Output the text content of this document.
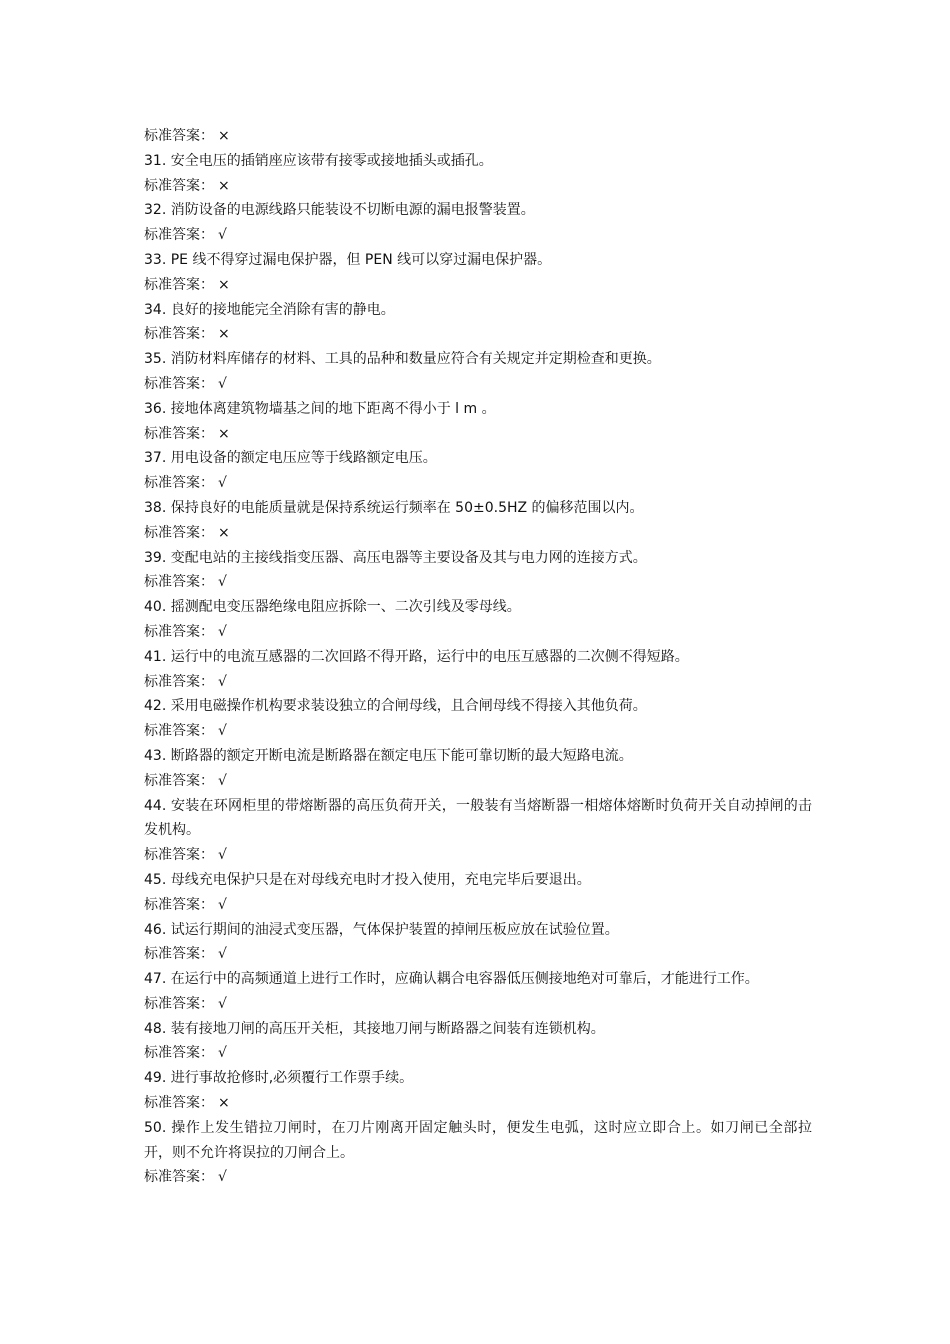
标准答案： ×
31. 安全电压的插销座应该带有接零或接地插头或插孔。
标准答案： ×
32. 消防设备的电源线路只能装设不切断电源的漏电报警装置。
标准答案： √
33. PE 线不得穿过漏电保护器，但 PEN 线可以穿过漏电保护器。
标准答案： ×
34. 良好的接地能完全消除有害的静电。
标准答案： ×
35. 消防材料库储存的材料、工具的品种和数量应符合有关规定并定期检查和更换。
标准答案： √
36. 接地体离建筑物墙基之间的地下距离不得小于 l m 。
标准答案： ×
37. 用电设备的额定电压应等于线路额定电压。
标准答案： √
38. 保持良好的电能质量就是保持系统运行频率在 50±0.5HZ 的偏移范围以内。
标准答案： ×
39. 变配电站的主接线指变压器、高压电器等主要设备及其与电力网的连接方式。
标准答案： √
40. 摇测配电变压器绝缘电阻应拆除一、二次引线及零母线。
标准答案： √
41. 运行中的电流互感器的二次回路不得开路，运行中的电压互感器的二次侧不得短路。
标准答案： √
42. 采用电磁操作机构要求装设独立的合闸母线，且合闸母线不得接入其他负荷。
标准答案： √
43. 断路器的额定开断电流是断路器在额定电压下能可靠切断的最大短路电流。
标准答案： √
44. 安装在环网柜里的带熔断器的高压负荷开关，一般装有当熔断器一相熔体熔断时负荷开关自动掉闸的击发机构。
标准答案： √
45. 母线充电保护只是在对母线充电时才投入使用，充电完毕后要退出。
标准答案： √
46. 试运行期间的油浸式变压器，气体保护装置的掉闸压板应放在试验位置。
标准答案： √
47. 在运行中的高频通道上进行工作时，应确认耦合电容器低压侧接地绝对可靠后，才能进行工作。
标准答案： √
48. 装有接地刀闸的高压开关柜，其接地刀闸与断路器之间装有连锁机构。
标准答案： √
49. 进行事故抢修时,必须覆行工作票手续。
标准答案： ×
50. 操作上发生错拉刀闸时，在刀片刚离开固定触头时，便发生电弧，这时应立即合上。如刀闸已全部拉开，则不允许将误拉的刀闸合上。
标准答案： √
